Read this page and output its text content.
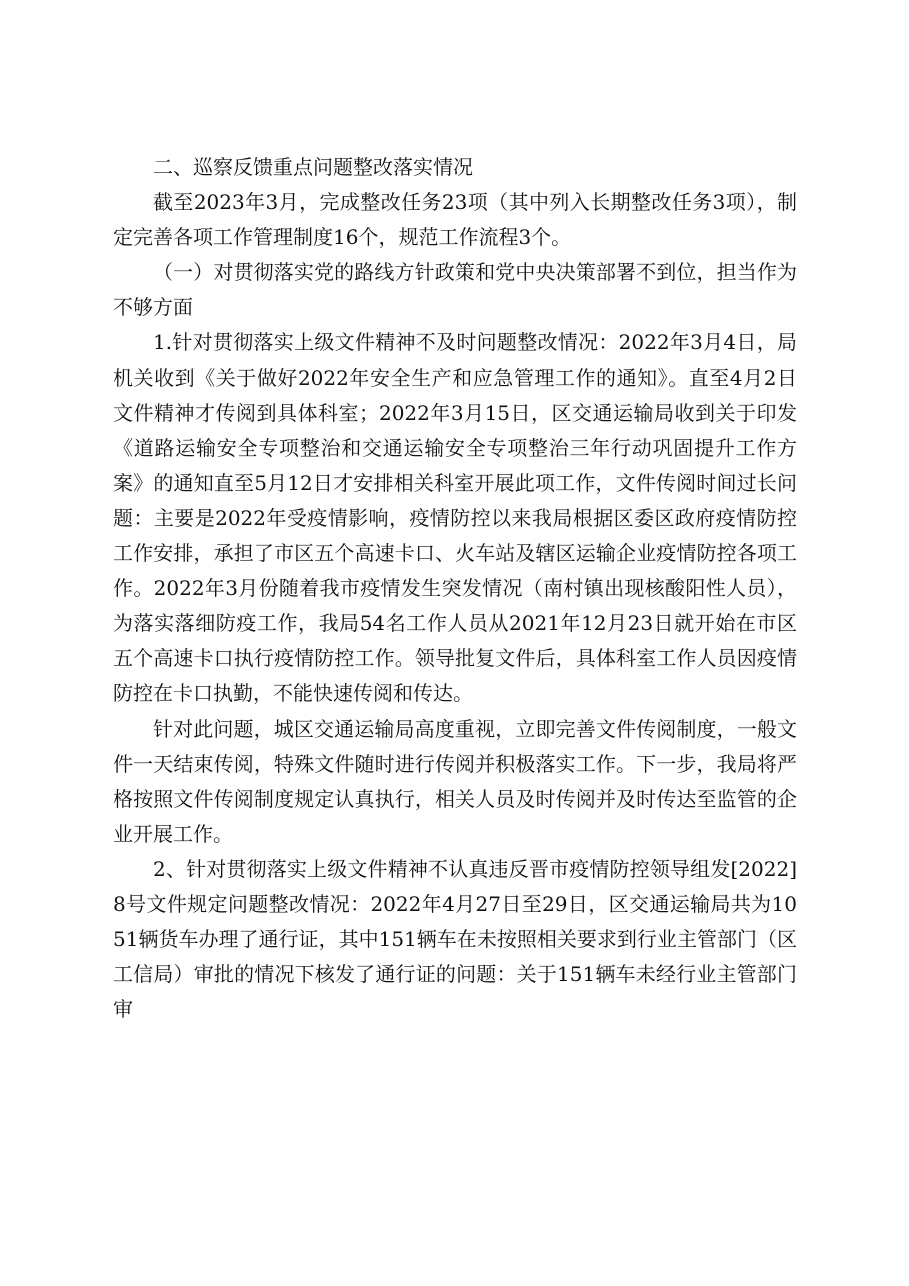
二、巡察反馈重点问题整改落实情况

截至2023年3月，完成整改任务23项（其中列入长期整改任务3项），制定完善各项工作管理制度16个，规范工作流程3个。

（一）对贯彻落实党的路线方针政策和党中央决策部署不到位，担当作为不够方面

1.针对贯彻落实上级文件精神不及时问题整改情况：2022年3月4日，局机关收到《关于做好2022年安全生产和应急管理工作的通知》。直至4月2日文件精神才传阅到具体科室；2022年3月15日，区交通运输局收到关于印发《道路运输安全专项整治和交通运输安全专项整治三年行动巩固提升工作方案》的通知直至5月12日才安排相关科室开展此项工作，文件传阅时间过长问题：主要是2022年受疫情影响，疫情防控以来我局根据区委区政府疫情防控工作安排，承担了市区五个高速卡口、火车站及辖区运输企业疫情防控各项工作。2022年3月份随着我市疫情发生突发情况（南村镇出现核酸阳性人员），为落实落细防疫工作，我局54名工作人员从2021年12月23日就开始在市区五个高速卡口执行疫情防控工作。领导批复文件后，具体科室工作人员因疫情防控在卡口执勤，不能快速传阅和传达。

针对此问题，城区交通运输局高度重视，立即完善文件传阅制度，一般文件一天结束传阅，特殊文件随时进行传阅并积极落实工作。下一步，我局将严格按照文件传阅制度规定认真执行，相关人员及时传阅并及时传达至监管的企业开展工作。

2、针对贯彻落实上级文件精神不认真违反晋市疫情防控领导组发[2022]8号文件规定问题整改情况：2022年4月27日至29日，区交通运输局共为1051辆货车办理了通行证，其中151辆车在未按照相关要求到行业主管部门（区工信局）审批的情况下核发了通行证的问题：关于151辆车未经行业主管部门审
